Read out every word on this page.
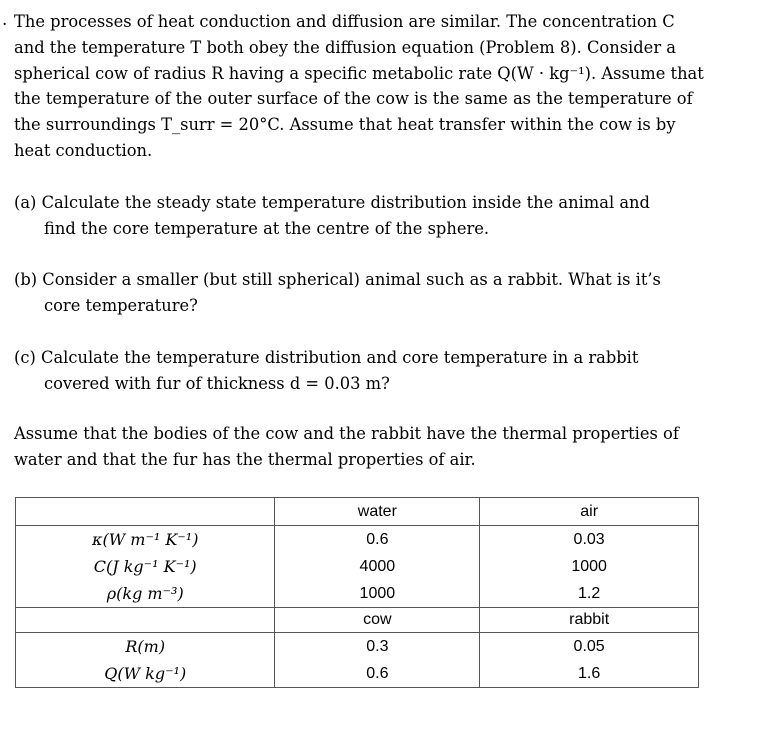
. The processes of heat conduction and diffusion are similar. The concentration C and the temperature T both obey the diffusion equation (Problem 8). Consider a spherical cow of radius R having a specific metabolic rate Q(W · kg⁻¹). Assume that the temperature of the outer surface of the cow is the same as the temperature of the surroundings T_surr = 20°C. Assume that heat transfer within the cow is by heat conduction.
(a) Calculate the steady state temperature distribution inside the animal and
find the core temperature at the centre of the sphere.
(b) Consider a smaller (but still spherical) animal such as a rabbit. What is it’s
core temperature?
(c) Calculate the temperature distribution and core temperature in a rabbit
covered with fur of thickness d = 0.03 m?
Assume that the bodies of the cow and the rabbit have the thermal properties of water and that the fur has the thermal properties of air.
	water	air
κ(W m⁻¹ K⁻¹)	0.6	0.03
C(J kg⁻¹ K⁻¹)	4000	1000
ρ(kg m⁻³)	1000	1.2
	cow	rabbit
R(m)	0.3	0.05
Q(W kg⁻¹)	0.6	1.6
